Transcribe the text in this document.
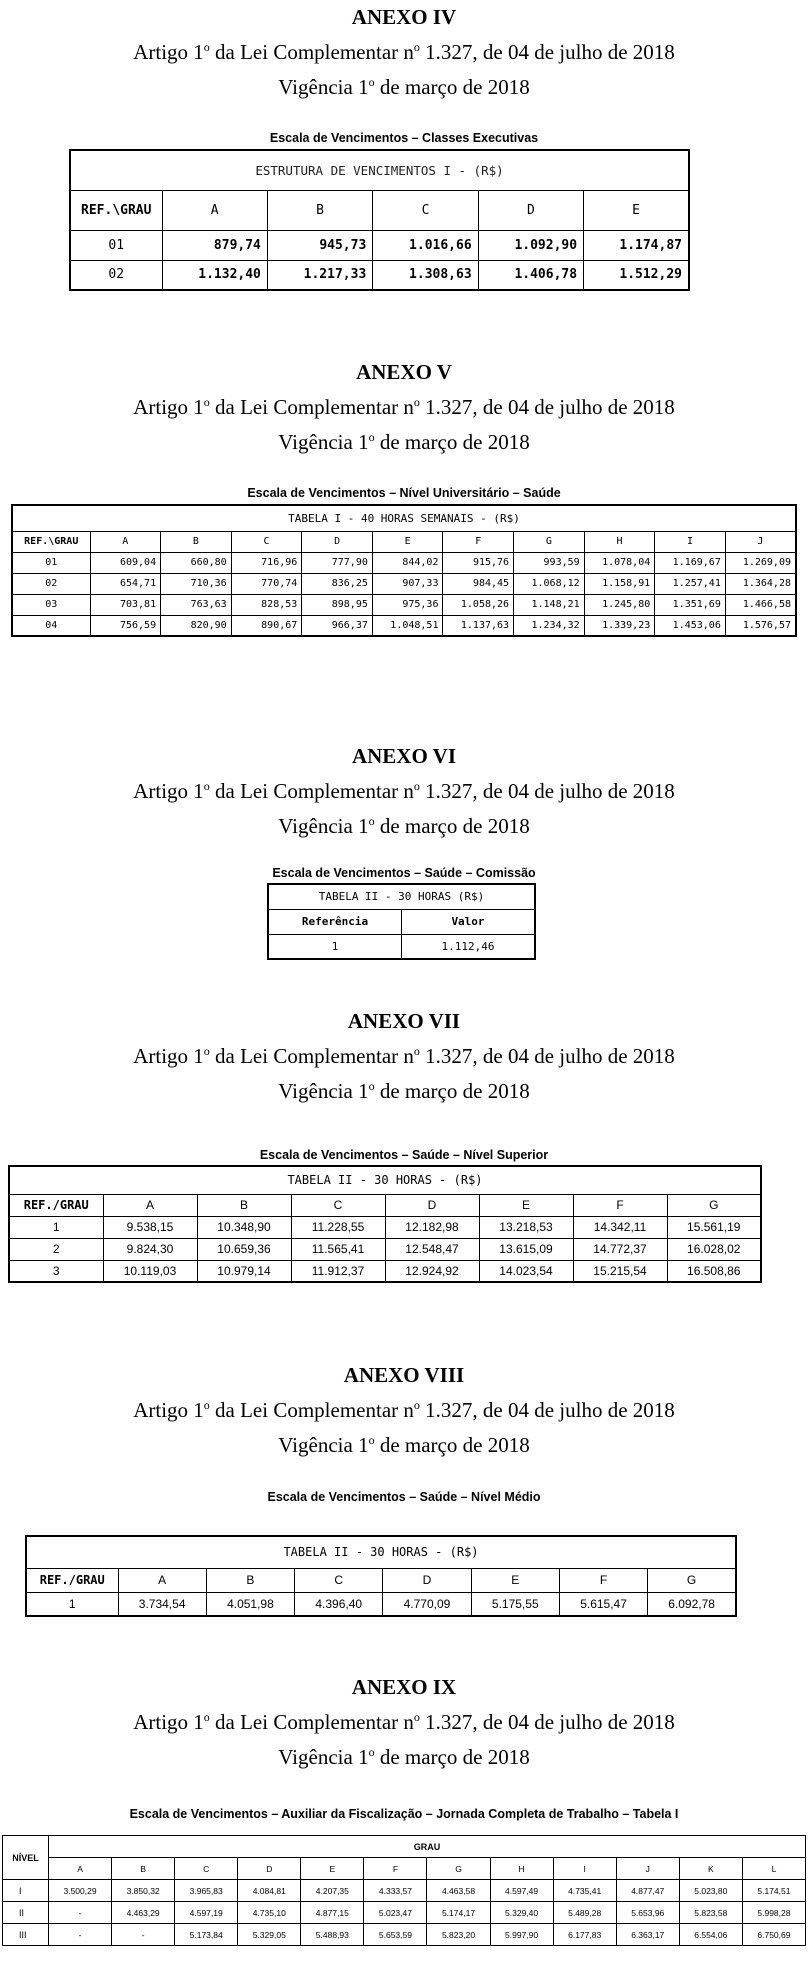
ANEXO IV
Artigo 1$^o$ da Lei Complementar $n^o$ 1.327, de 04 de julho de 2018
Vigência 1$^o$ de março de 2018
Escala de Vencimentos – Classes Executivas
ESTRUTURA DE VENCIMENTOS I - (R$)					
REF.\GRAU	A	B	C	D	E
01	879,74	945,73	1.016,66	1.092,90	1.174,87
02	1.132,40	1.217,33	1.308,63	1.406,78	1.512,29
ANEXO V
Artigo 1$^o$ da Lei Complementar $n^o$ 1.327, de 04 de julho de 2018
Vigência 1$^o$ de março de 2018
Escala de Vencimentos – Nível Universitário – Saúde
TABELA I - 40 HORAS SEMANAIS - (R$)										
REF.\GRAU	A	B	C	D	E	F	G	H	I	J
01	609,04	660,80	716,96	777,90	844,02	915,76	993,59	1.078,04	1.169,67	1.269,09
02	654,71	710,36	770,74	836,25	907,33	984,45	1.068,12	1.158,91	1.257,41	1.364,28
03	703,81	763,63	828,53	898,95	975,36	1.058,26	1.148,21	1.245,80	1.351,69	1.466,58
04	756,59	820,90	890,67	966,37	1.048,51	1.137,63	1.234,32	1.339,23	1.453,06	1.576,57
ANEXO VI
Artigo 1$^o$ da Lei Complementar $n^o$ 1.327, de 04 de julho de 2018
Vigência 1$^o$ de março de 2018
Escala de Vencimentos – Saúde – Comissão
TABELA II - 30 HORAS (R$)	
Referência	Valor
1	1.112,46
ANEXO VII
Artigo 1$^o$ da Lei Complementar $n^o$ 1.327, de 04 de julho de 2018
Vigência 1$^o$ de março de 2018
Escala de Vencimentos – Saúde – Nível Superior
TABELA II - 30 HORAS - (R$)							
REF./GRAU	A	B	C	D	E	F	G
1	9.538,15	10.348,90	11.228,55	12.182,98	13.218,53	14.342,11	15.561,19
2	9.824,30	10.659,36	11.565,41	12.548,47	13.615,09	14.772,37	16.028,02
3	10.119,03	10.979,14	11.912,37	12.924,92	14.023,54	15.215,54	16.508,86
ANEXO VIII
Artigo 1$^o$ da Lei Complementar $n^o$ 1.327, de 04 de julho de 2018
Vigência 1$^o$ de março de 2018
Escala de Vencimentos – Saúde – Nível Médio
TABELA II - 30 HORAS - (R$)							
REF./GRAU	A	B	C	D	E	F	G
1	3.734,54	4.051,98	4.396,40	4.770,09	5.175,55	5.615,47	6.092,78
ANEXO IX
Artigo 1$^o$ da Lei Complementar $n^o$ 1.327, de 04 de julho de 2018
Vigência 1$^o$ de março de 2018
Escala de Vencimentos – Auxiliar da Fiscalização – Jornada Completa de Trabalho – Tabela I
NÍVEL	GRAU											
	A	B	C	D	E	F	G	H	I	J	K	L
I	3.500,29	3.850,32	3.965,83	4.084,81	4.207,35	4.333,57	4.463,58	4.597,49	4.735,41	4.877,47	5.023,80	5.174,51
II	-	4.463,29	4.597,19	4.735,10	4.877,15	5.023,47	5.174,17	5.329,40	5.489,28	5.653,96	5.823,58	5.998,28
III	-	-	5.173,84	5.329,05	5.488,93	5.653,59	5.823,20	5.997,90	6.177,83	6.363,17	6.554,06	6.750,69
